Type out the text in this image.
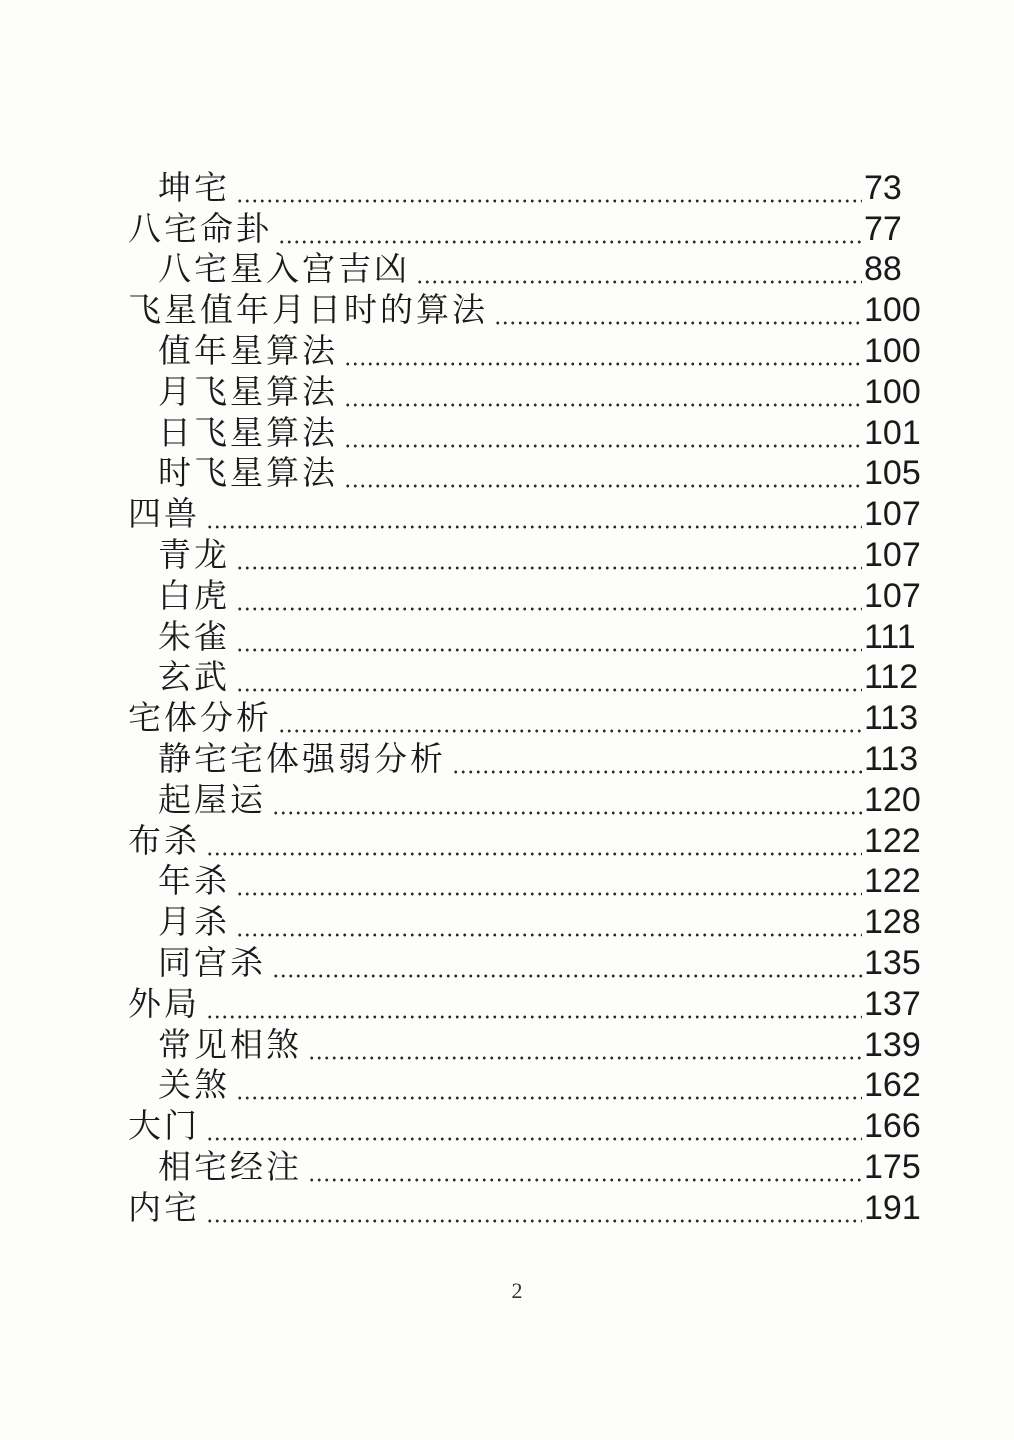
坤宅	73
八宅命卦	77
八宅星入宫吉凶	88
飞星值年月日时的算法	100
值年星算法	100
月飞星算法	100
日飞星算法	101
时飞星算法	105
四兽	107
青龙	107
白虎	107
朱雀	111
玄武	112
宅体分析	113
静宅宅体强弱分析	113
起屋运	120
布杀	122
年杀	122
月杀	128
同宫杀	135
外局	137
常见相煞	139
关煞	162
大门	166
相宅经注	175
内宅	191
2
